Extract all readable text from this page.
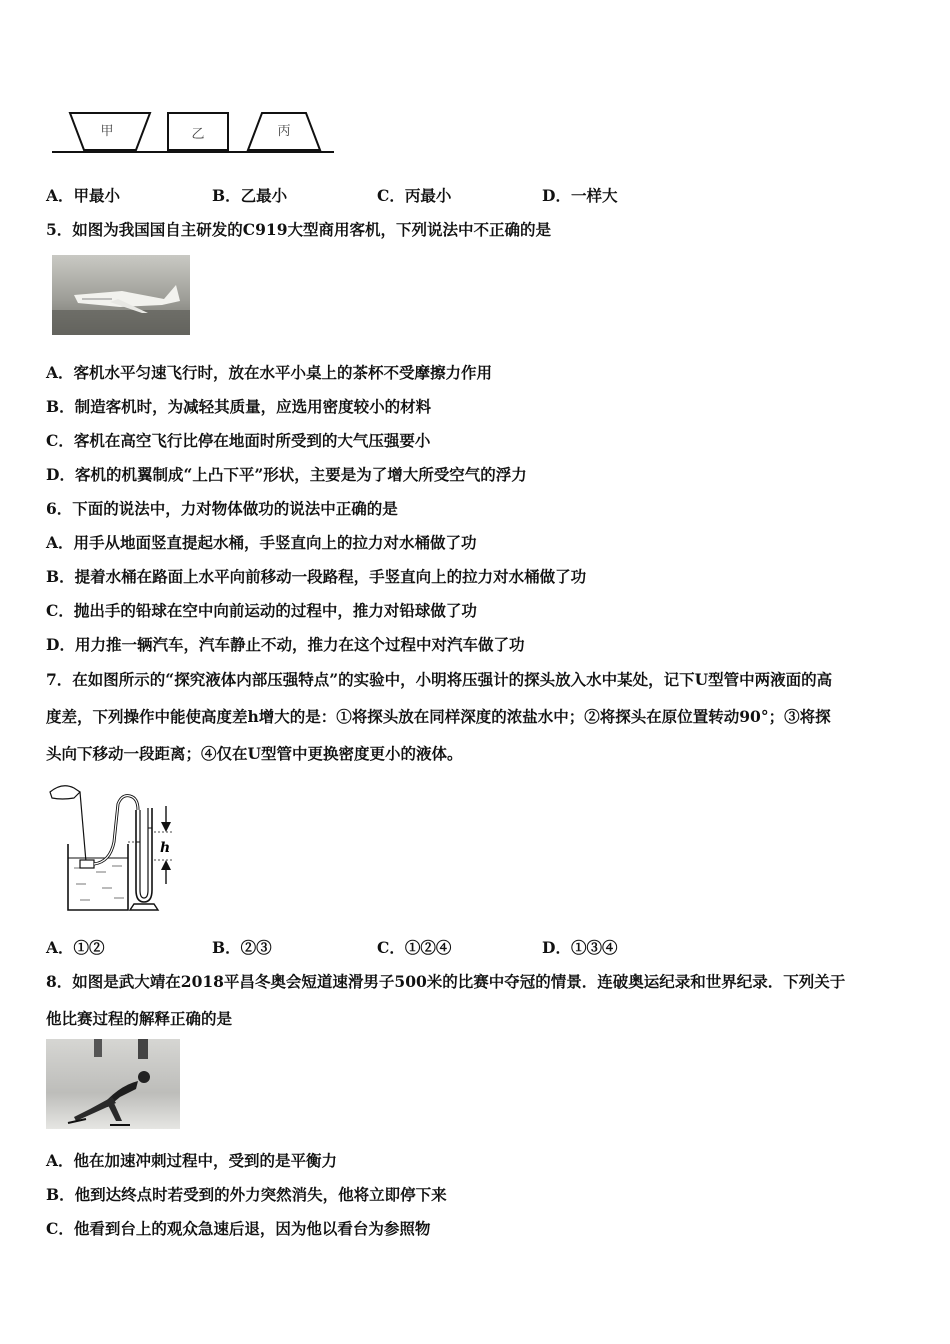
甲	乙	丙
A．甲最小	B．乙最小	C．丙最小	D．一样大
5．如图为我国国自主研发的C919大型商用客机，下列说法中不正确的是
A．客机水平匀速飞行时，放在水平小桌上的茶杯不受摩擦力作用
B．制造客机时，为减轻其质量，应选用密度较小的材料
C．客机在高空飞行比停在地面时所受到的大气压强要小
D．客机的机翼制成“上凸下平”形状，主要是为了增大所受空气的浮力
6．下面的说法中，力对物体做功的说法中正确的是
A．用手从地面竖直提起水桶，手竖直向上的拉力对水桶做了功
B．提着水桶在路面上水平向前移动一段路程，手竖直向上的拉力对水桶做了功
C．抛出手的铅球在空中向前运动的过程中，推力对铅球做了功
D．用力推一辆汽车，汽车静止不动，推力在这个过程中对汽车做了功
7．在如图所示的“探究液体内部压强特点”的实验中，小明将压强计的探头放入水中某处，记下U型管中两液面的高
度差，下列操作中能使高度差h增大的是：①将探头放在同样深度的浓盐水中；②将探头在原位置转动90°；③将探
头向下移动一段距离；④仅在U型管中更换密度更小的液体。
h
A．①②	B．②③	C．①②④	D．①③④
8．如图是武大靖在2018平昌冬奥会短道速滑男子500米的比赛中夺冠的情景．连破奥运纪录和世界纪录．下列关于
他比赛过程的解释正确的是
A．他在加速冲刺过程中，受到的是平衡力
B．他到达终点时若受到的外力突然消失，他将立即停下来
C．他看到台上的观众急速后退，因为他以看台为参照物
